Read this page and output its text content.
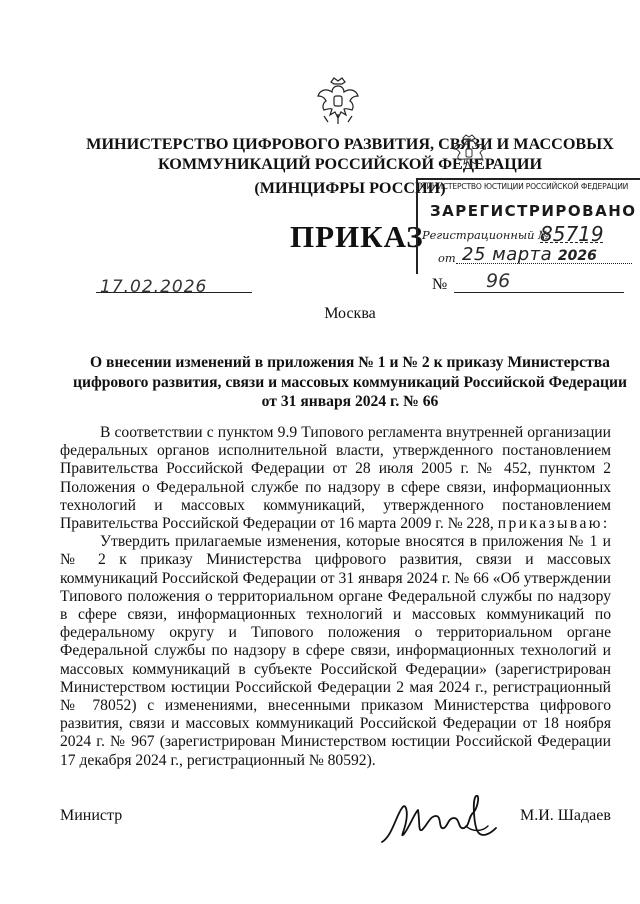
МИНИСТЕРСТВО ЦИФРОВОГО РАЗВИТИЯ, СВЯЗИ И МАССОВЫХ
КОММУНИКАЦИЙ РОССИЙСКОЙ ФЕДЕРАЦИИ
(МИНЦИФРЫ РОССИИ)
ПРИКАЗ
МИНИСТЕРСТВО ЮСТИЦИИ РОССИЙСКОЙ ФЕДЕРАЦИИ
ЗАРЕГИСТРИРОВАНО
Регистрационный №
85719
от 25 марта 2026
17.02.2026	№ 96
Москва
О внесении изменений в приложения № 1 и № 2 к приказу Министерства
цифрового развития, связи и массовых коммуникаций Российской Федерации
от 31 января 2024 г. № 66

В соответствии с пунктом 9.9 Типового регламента внутренней организации федеральных органов исполнительной власти, утвержденного постановлением Правительства Российской Федерации от 28 июля 2005 г. № 452, пунктом 2 Положения о Федеральной службе по надзору в сфере связи, информационных технологий и массовых коммуникаций, утвержденного постановлением Правительства Российской Федерации от 16 марта 2009 г. № 228, приказываю:

Утвердить прилагаемые изменения, которые вносятся в приложения № 1 и № 2 к приказу Министерства цифрового развития, связи и массовых коммуникаций Российской Федерации от 31 января 2024 г. № 66 «Об утверждении Типового положения о территориальном органе Федеральной службы по надзору в сфере связи, информационных технологий и массовых коммуникаций по федеральному округу и Типового положения о территориальном органе Федеральной службы по надзору в сфере связи, информационных технологий и массовых коммуникаций в субъекте Российской Федерации» (зарегистрирован Министерством юстиции Российской Федерации 2 мая 2024 г., регистрационный № 78052) с изменениями, внесенными приказом Министерства цифрового развития, связи и массовых коммуникаций Российской Федерации от 18 ноября 2024 г. № 967 (зарегистрирован Министерством юстиции Российской Федерации 17 декабря 2024 г., регистрационный № 80592).

Министр	М.И. Шадаев
